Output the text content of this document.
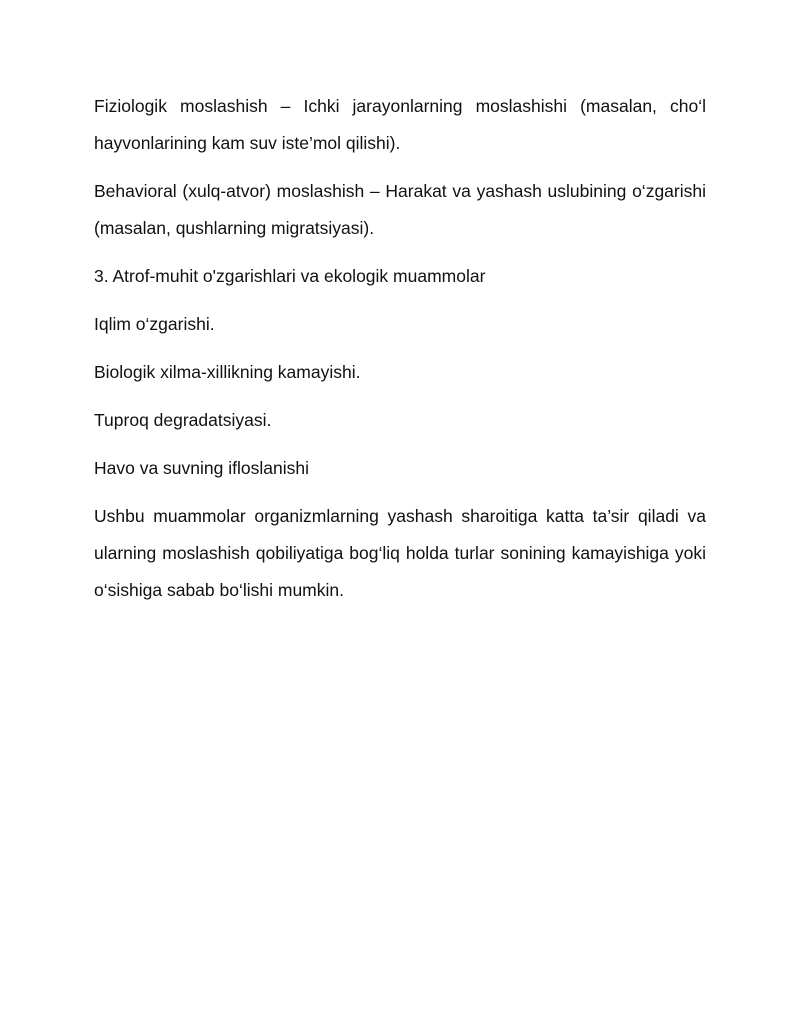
Fiziologik moslashish – Ichki jarayonlarning moslashishi (masalan, cho‘l hayvonlarining kam suv iste’mol qilishi).

Behavioral (xulq-atvor) moslashish – Harakat va yashash uslubining o‘zgarishi (masalan, qushlarning migratsiyasi).

3. Atrof-muhit o'zgarishlari va ekologik muammolar

Iqlim o‘zgarishi.

Biologik xilma-xillikning kamayishi.

Tuproq degradatsiyasi.

Havo va suvning ifloslanishi

Ushbu muammolar organizmlarning yashash sharoitiga katta ta’sir qiladi va ularning moslashish qobiliyatiga bog‘liq holda turlar sonining kamayishiga yoki o‘sishiga sabab bo‘lishi mumkin.
